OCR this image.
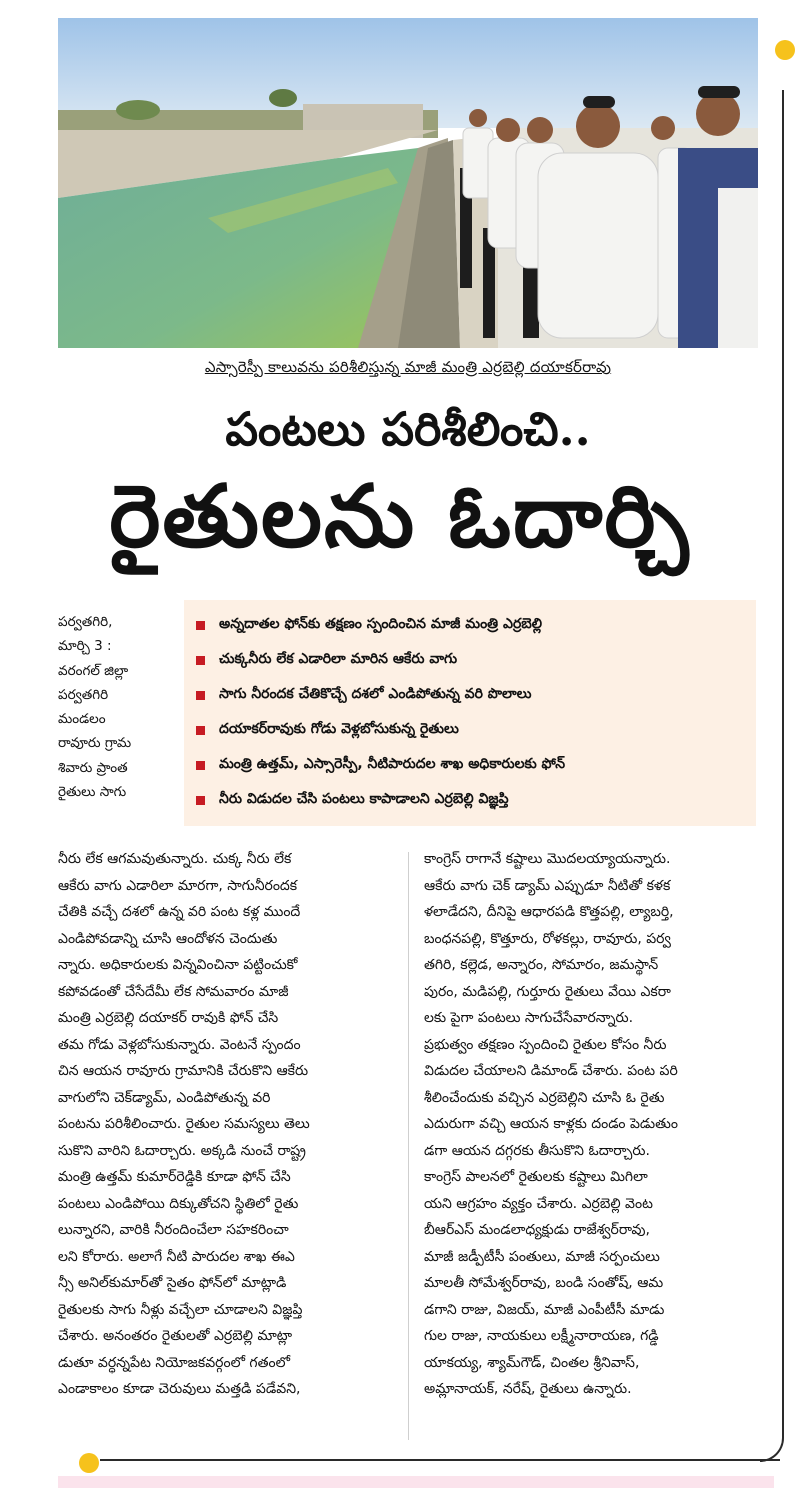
ఎస్సారెస్పీ కాలువను పరిశీలిస్తున్న మాజీ మంత్రి ఎర్రబెల్లి దయాకర్‌రావు
పంటలు పరిశీలించి..
రైతులను ఓదార్చి
పర్వతగిరి,
మార్చి 3 :
వరంగల్ జిల్లా
పర్వతగిరి
మండలం
రావూరు గ్రామ
శివారు ప్రాంత
రైతులు సాగు
అన్నదాతల ఫోన్‌కు తక్షణం స్పందించిన మాజీ మంత్రి ఎర్రబెల్లి
చుక్కనీరు లేక ఎడారిలా మారిన ఆకేరు వాగు
సాగు నీరందక చేతికొచ్చే దశలో ఎండిపోతున్న వరి పొలాలు
దయాకర్‌రావుకు గోడు వెళ్లబోసుకున్న రైతులు
మంత్రి ఉత్తమ్, ఎస్సారెస్పీ, నీటిపారుదల శాఖ అధికారులకు ఫోన్
నీరు విడుదల చేసి పంటలు కాపాడాలని ఎర్రబెల్లి విజ్ఞప్తి
నీరు లేక ఆగమవుతున్నారు. చుక్క నీరు లేక
ఆకేరు వాగు ఎడారిలా మారగా, సాగునీరందక
చేతికి వచ్చే దశలో ఉన్న వరి పంట కళ్ల ముందే
ఎండిపోవడాన్ని చూసి ఆందోళన చెందుతు
న్నారు. అధికారులకు విన్నవించినా పట్టించుకో
కపోవడంతో చేసేదేమీ లేక సోమవారం మాజీ
మంత్రి ఎర్రబెల్లి దయాకర్ రావుకి ఫోన్ చేసి
తమ గోడు వెళ్లబోసుకున్నారు. వెంటనే స్పందం
చిన ఆయన రావూరు గ్రామానికి చేరుకొని ఆకేరు
వాగులోని చెక్‌డ్యామ్, ఎండిపోతున్న వరి
పంటను పరిశీలించారు. రైతుల సమస్యలు తెలు
సుకొని వారిని ఓదార్చారు. అక్కడి నుంచే రాష్ట్ర
మంత్రి ఉత్తమ్ కుమార్‌రెడ్డికి కూడా ఫోన్ చేసి
పంటలు ఎండిపోయి దిక్కుతోచని స్థితిలో రైతు
లున్నారని, వారికి నీరందించేలా సహకరించా
లని కోరారు. అలాగే నీటి పారుదల శాఖ ఈఎ
న్సీ అనిల్‌కుమార్‌తో సైతం ఫోన్‌లో మాట్లాడి
రైతులకు సాగు నీళ్లు వచ్చేలా చూడాలని విజ్ఞప్తి
చేశారు. అనంతరం రైతులతో ఎర్రబెల్లి మాట్లా
డుతూ వర్ధన్నపేట నియోజకవర్గంలో గతంలో
ఎండాకాలం కూడా చెరువులు మత్తడి పడేవని,
కాంగ్రెస్ రాగానే కష్టాలు మొదలయ్యాయన్నారు.
ఆకేరు వాగు చెక్ డ్యామ్ ఎప్పుడూ నీటితో కళక
ళలాడేదని, దీనిపై ఆధారపడి కొత్తపల్లి, ల్యాబర్తి,
బంధనపల్లి, కొత్తూరు, రోళకల్లు, రావూరు, పర్వ
తగిరి, కల్లెడ, అన్నారం, సోమారం, జమస్థాన్
పురం, మడిపల్లి, గుర్తూరు రైతులు వేయి ఎకరా
లకు పైగా పంటలు సాగుచేసేవారన్నారు.
ప్రభుత్వం తక్షణం స్పందించి రైతుల కోసం నీరు
విడుదల చేయాలని డిమాండ్ చేశారు. పంట పరి
శీలించేందుకు వచ్చిన ఎర్రబెల్లిని చూసి ఓ రైతు
ఎదురుగా వచ్చి ఆయన కాళ్లకు దండం పెడుతుం
డగా ఆయన దగ్గరకు తీసుకొని ఓదార్చారు.
కాంగ్రెస్ పాలనలో రైతులకు కష్టాలు మిగిలా
యని ఆగ్రహం వ్యక్తం చేశారు. ఎర్రబెల్లి వెంట
బీఆర్ఎస్ మండలాధ్యక్షుడు రాజేశ్వర్‌రావు,
మాజీ జడ్పీటీసీ పంతులు, మాజీ సర్పంచులు
మాలతీ సోమేశ్వర్‌రావు, బండి సంతోష్, ఆమ
డగాని రాజు, విజయ్, మాజీ ఎంపీటీసీ మాడు
గుల రాజు, నాయకులు లక్ష్మీనారాయణ, గడ్డి
యాకయ్య, శ్యామ్‌గౌడ్, చింతల శ్రీనివాస్,
అమ్లానాయక్, నరేష్, రైతులు ఉన్నారు.
